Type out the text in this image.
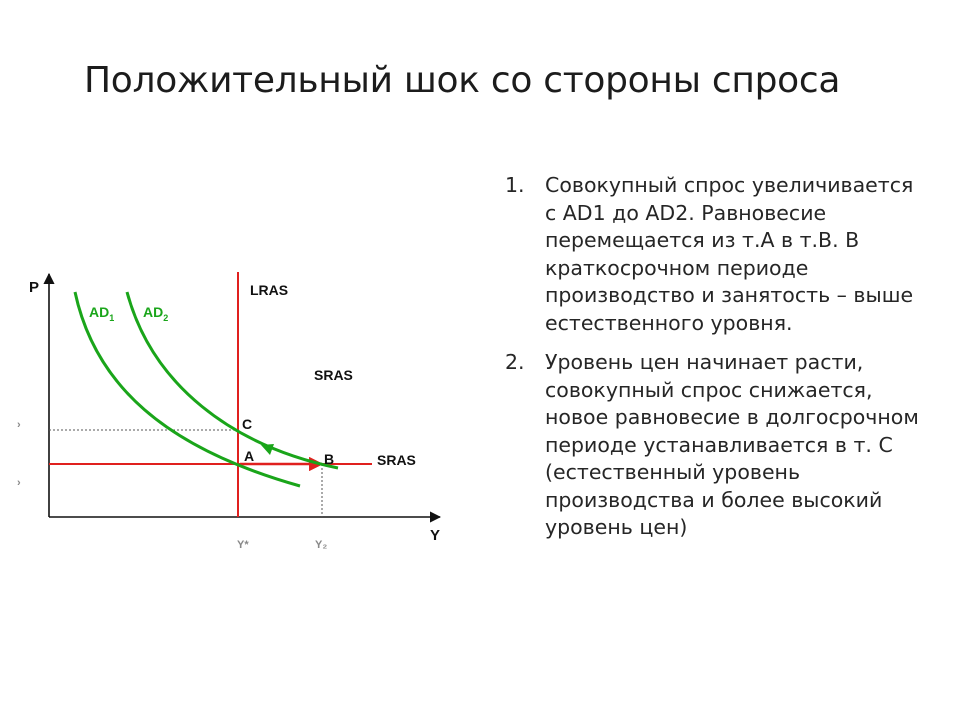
Положительный шок со стороны спроса
P
Y
LRAS
SRAS
SRAS
$AD_1$ $AD_2$
A	B
C
Y*	Y₂
›
›
1. Совокупный спрос увеличивается с AD1 до AD2. Равновесие перемещается из т.А в т.В. В краткосрочном периоде производство и занятость – выше естественного уровня.
2. Уровень цен начинает расти, совокупный спрос снижается, новое равновесие в долгосрочном периоде устанавливается в т. С (естественный уровень производства и более высокий уровень цен)
